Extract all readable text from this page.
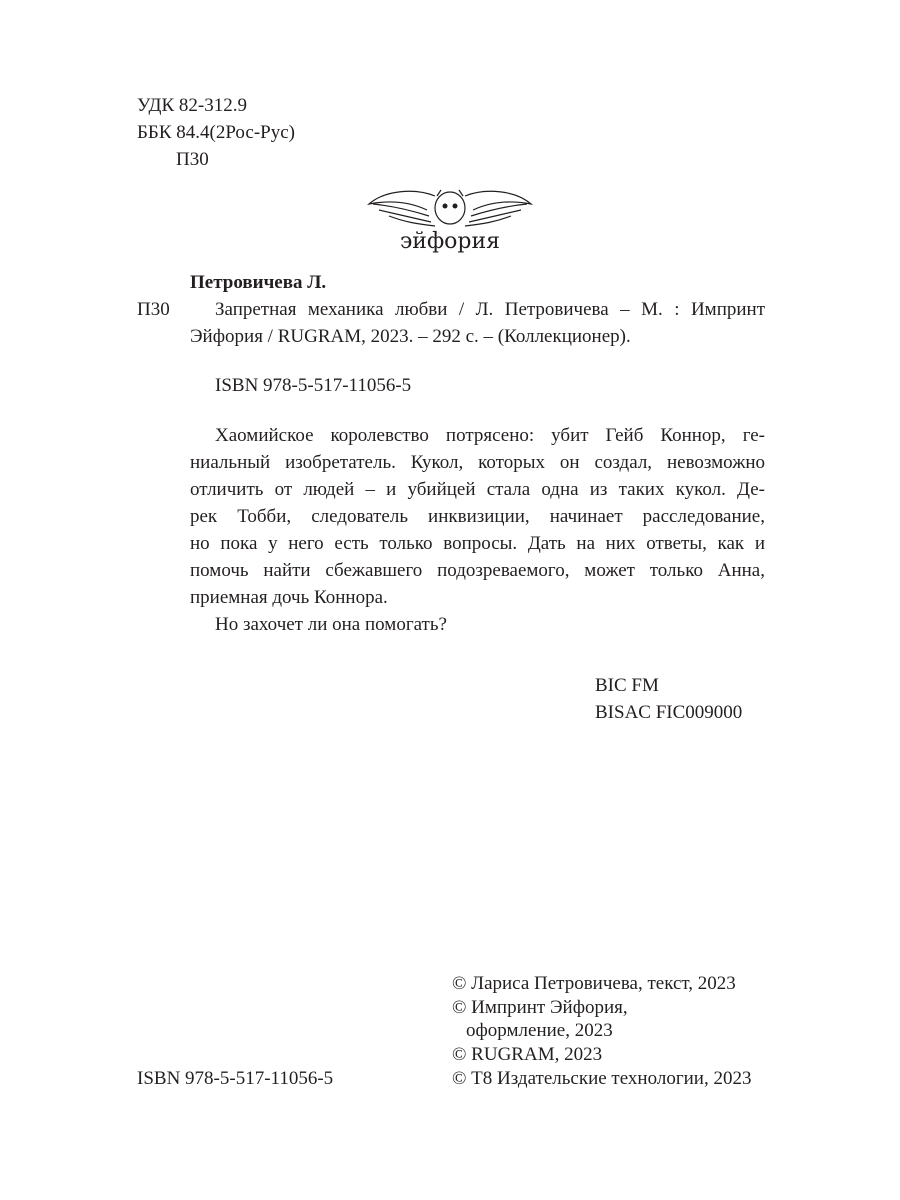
УДК 82-312.9
ББК 84.4(2Рос-Рус)
П30
эйфория
Петровичева Л.
П30 Запретная механика любви / Л. Петровичева – М. : Импринт
Эйфория / RUGRAM, 2023. – 292 с. – (Коллекционер).
ISBN 978-5-517-11056-5
Хаомийское королевство потрясено: убит Гейб Коннор, ге-
ниальный изобретатель. Кукол, которых он создал, невозможно
отличить от людей – и убийцей стала одна из таких кукол. Де-
рек Тобби, следователь инквизиции, начинает расследование,
но пока у него есть только вопросы. Дать на них ответы, как и
помочь найти сбежавшего подозреваемого, может только Анна,
приемная дочь Коннора.
Но захочет ли она помогать?
BIC FM
BISAC FIC009000
© Лариса Петровичева, текст, 2023
© Импринт Эйфория,
оформление, 2023
© RUGRAM, 2023
© Т8 Издательские технологии, 2023
ISBN 978-5-517-11056-5
